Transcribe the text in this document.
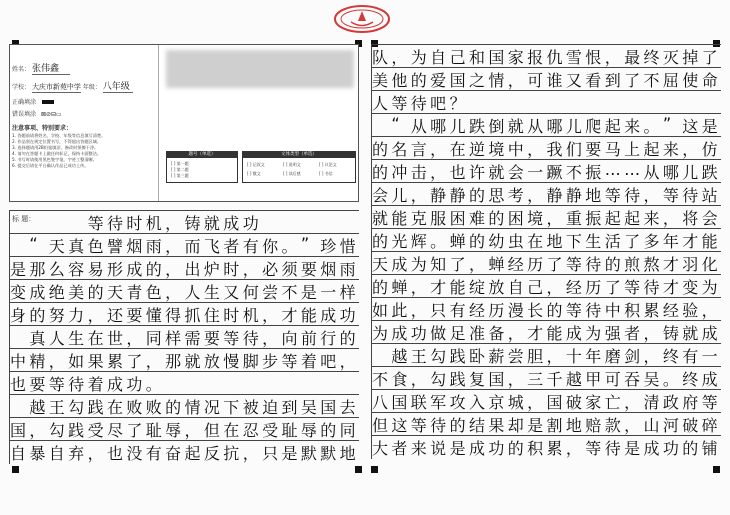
姓名： 张伟鑫
学校： 大庆市新苑中学 年级： 八年级
正确填涂
错误填涂 ⊠⊘⊟▭
注意事项、特别要求：
1. 答题前请将姓名、学校、年级等信息填写清楚。
2. 作品须在规定位置书写，不得超出答题区域。
3. 选择题请用2B铅笔填涂，修改时须擦干净。
4. 请勿在答题卡上做任何标记，保持卡面整洁。
5. 书写时请使用黑色签字笔，字迹工整清晰。
6. 提交后请在平台确认作品已成功上传。
题号（单选）
[ ] 第一题
[ ] 第二题
[ ] 第三题
文体类型（单选）
[ ] 记叙文	[ ] 说明文	[ ] 议论文
[ ] 散文	[ ] 读后感	[ ] 书信
标 题：

　	等 待 时 机 ， 铸 就 成 功

“ 天 真 色 譬 烟 雨 ， 而 飞 者 有 你 。 ” 珍 惜
是 那 么 容 易 形 成 的 ， 出 炉 时 ， 必 须 要 烟 雨
变 成 绝 美 的 天 青 色 ， 人 生 又 何 尝 不 是 一 样
身 的 努 力 ， 还 要 懂 得 抓 住 时 机 ， 才 能 成 功

真 人 生 在 世 ， 同 样 需 要 等 待 ， 向 前 行 的
中 精 ， 如 果 累 了 ， 那 就 放 慢 脚 步 等 着 吧 ，
也 要 等 待 着 成 功 。

越 王 勾 践 在 败 败 的 情 况 下 被 迫 到 吴 国 去
国 ， 勾 践 受 尽 了 耻 辱 ， 但 在 忍 受 耻 辱 的 同
自 暴 自 弃 ， 也 没 有 奋 起 反 抗 ， 只 是 默 默 地
队 ， 为 自 己 和 国 家 报 仇 雪 恨 ， 最 终 灭 掉 了
美 他 的 爱 国 之 情 ， 可 谁 又 看 到 了 不 屈 使 命
人 等 待 吧 ？

“ 从 哪 儿 跌 倒 就 从 哪 儿 爬 起 来 。 ” 这 是
的 名 言 ， 在 逆 境 中 ， 我 们 要 马 上 起 来 ， 仿
的 冲 击 ， 也 许 就 会 一 蹶 不 振 … … 从 哪 儿 跌
会 儿 ， 静 静 的 思 考 ， 静 静 地 等 待 ， 等 待 站
就 能 克 服 困 难 的 困 境 ， 重 振 起 起 来 ， 将 会
的 光 辉 。 蝉 的 幼 虫 在 地 下 生 活 了 多 年 才 能
天 成 为 知 了 ， 蝉 经 历 了 等 待 的 煎 熬 才 羽 化
的 蝉 ， 才 能 绽 放 自 己 ， 经 历 了 等 待 才 变 为
如 此 ， 只 有 经 历 漫 长 的 等 待 中 积 累 经 验 ，
为 成 功 做 足 准 备 ， 才 能 成 为 强 者 ， 铸 就 成

越 王 勾 践 卧 薪 尝 胆 ， 十 年 磨 剑 ， 终 有 一
不 食 ， 勾 践 复 国 ， 三 千 越 甲 可 吞 吴 。 终 成
八 国 联 军 攻 入 京 城 ， 国 破 家 亡 ， 清 政 府 等
但 这 等 待 的 结 果 却 是 割 地 赔 款 ， 山 河 破 碎
大 者 来 说 是 成 功 的 积 累 ， 等 待 是 成 功 的 铺
